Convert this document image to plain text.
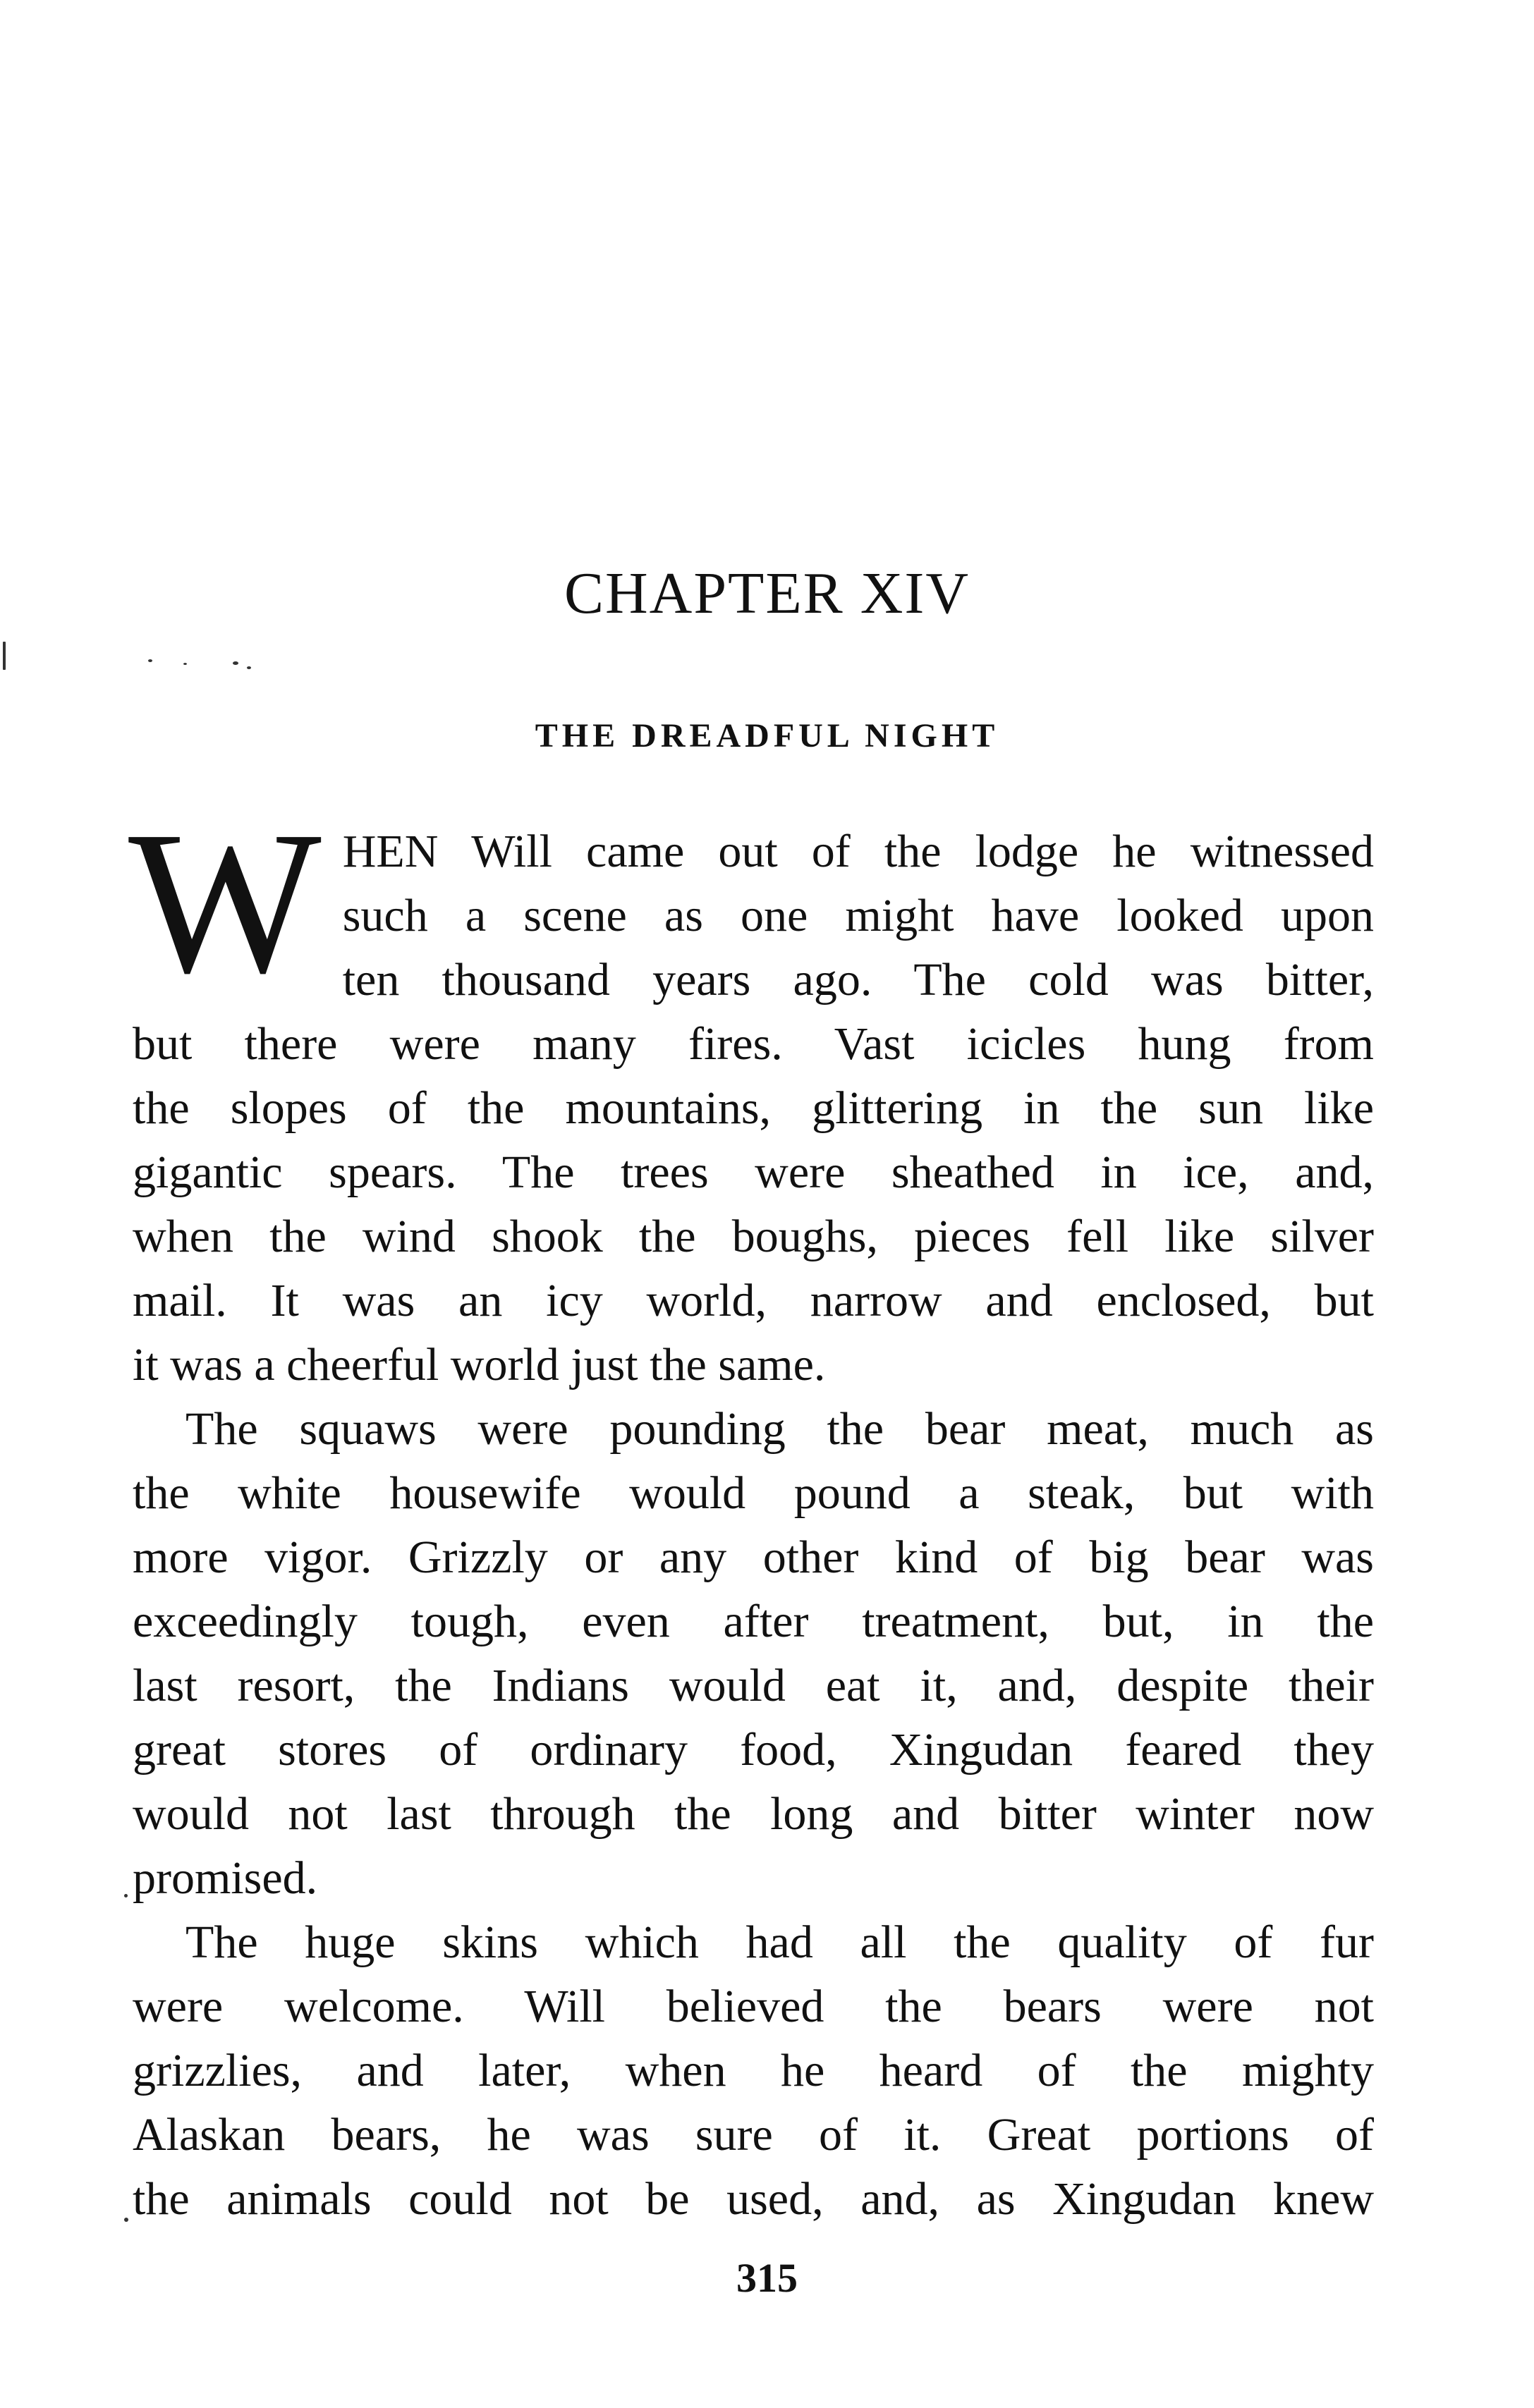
CHAPTER XIV
THE DREADFUL NIGHT
W HEN Will came out of the lodge he witnessed
such a scene as one might have looked upon
ten thousand years ago. The cold was bitter,
but there were many fires. Vast icicles hung from
the slopes of the mountains, glittering in the sun like
gigantic spears. The trees were sheathed in ice, and,
when the wind shook the boughs, pieces fell like silver
mail. It was an icy world, narrow and enclosed, but
it was a cheerful world just the same.
The squaws were pounding the bear meat, much as
the white housewife would pound a steak, but with
more vigor. Grizzly or any other kind of big bear was
exceedingly tough, even after treatment, but, in the
last resort, the Indians would eat it, and, despite their
great stores of ordinary food, Xingudan feared they
would not last through the long and bitter winter now
promised.
The huge skins which had all the quality of fur
were welcome. Will believed the bears were not
grizzlies, and later, when he heard of the mighty
Alaskan bears, he was sure of it. Great portions of
the animals could not be used, and, as Xingudan knew
315
